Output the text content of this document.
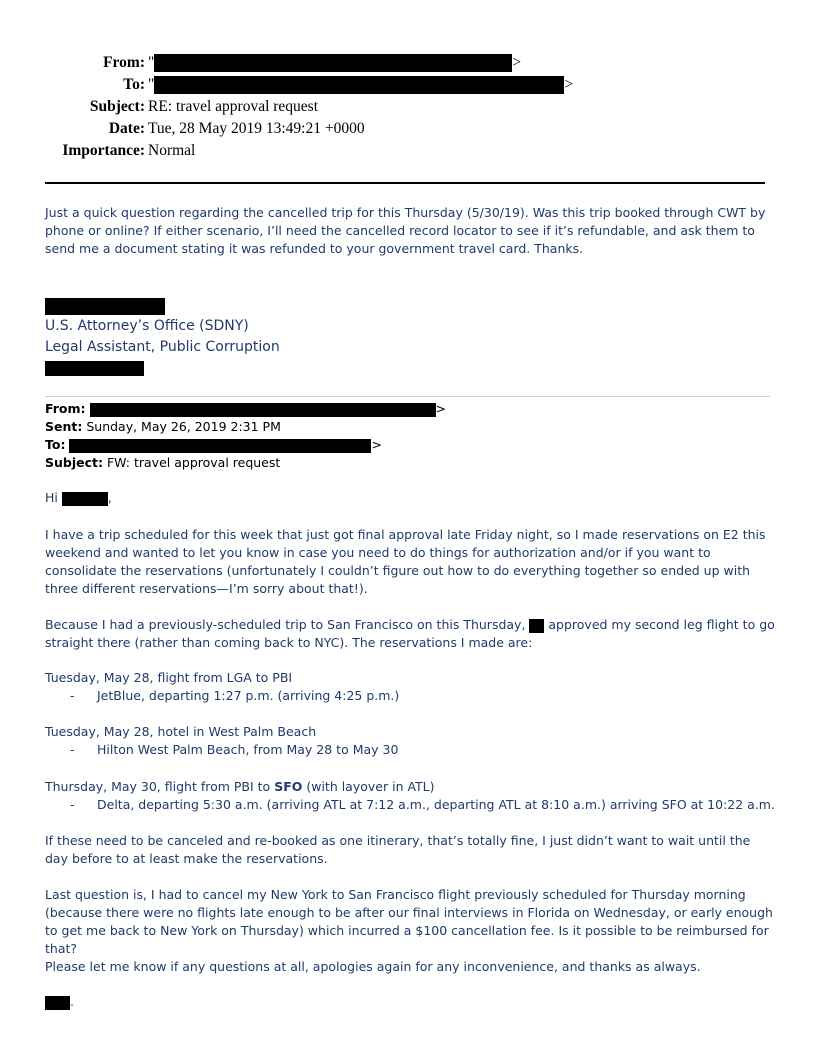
From: "	>
To: "	>
Subject: RE: travel approval request
Date: Tue, 28 May 2019 13:49:21 +0000
Importance: Normal
Just a quick question regarding the cancelled trip for this Thursday (5/30/19). Was this trip booked through CWT by phone or online? If either scenario, I’ll need the cancelled record locator to see if it’s refundable, and ask them to send me a document stating it was refunded to your government travel card. Thanks.
U.S. Attorney’s Office (SDNY)
Legal Assistant, Public Corruption
From:	>
Sent: Sunday, May 26, 2019 2:31 PM
To:	>
Subject: FW: travel approval request
Hi	,
I have a trip scheduled for this week that just got final approval late Friday night, so I made reservations on E2 this weekend and wanted to let you know in case you need to do things for authorization and/or if you want to consolidate the reservations (unfortunately I couldn’t figure out how to do everything together so ended up with three different reservations—I’m sorry about that!).
Because I had a previously-scheduled trip to San Francisco on this Thursday, approved my second leg flight to go straight there (rather than coming back to NYC). The reservations I made are:
Tuesday, May 28, flight from LGA to PBI
- JetBlue, departing 1:27 p.m. (arriving 4:25 p.m.)
Tuesday, May 28, hotel in West Palm Beach
- Hilton West Palm Beach, from May 28 to May 30
Thursday, May 30, flight from PBI to SFO (with layover in ATL)
- Delta, departing 5:30 a.m. (arriving ATL at 7:12 a.m., departing ATL at 8:10 a.m.) arriving SFO at 10:22 a.m.
If these need to be canceled and re-booked as one itinerary, that’s totally fine, I just didn’t want to wait until the day before to at least make the reservations.
Last question is, I had to cancel my New York to San Francisco flight previously scheduled for Thursday morning (because there were no flights late enough to be after our final interviews in Florida on Wednesday, or early enough to get me back to New York on Thursday) which incurred a $100 cancellation fee. Is it possible to be reimbursed for that?
Please let me know if any questions at all, apologies again for any inconvenience, and thanks as always.
.
